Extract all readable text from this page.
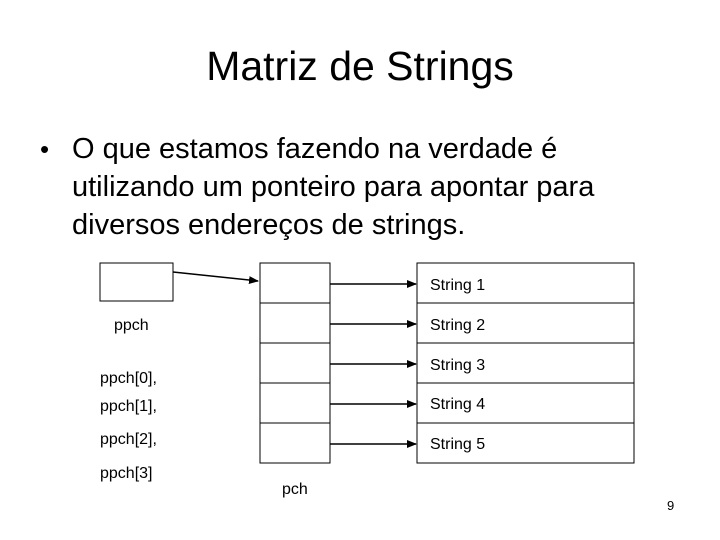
Matriz de Strings
• O que estamos fazendo na verdade é utilizando um ponteiro para apontar para diversos endereços de strings.
ppch
ppch[0],
ppch[1],
ppch[2],
ppch[3]
pch
String 1
String 2
String 3
String 4
String 5
9
